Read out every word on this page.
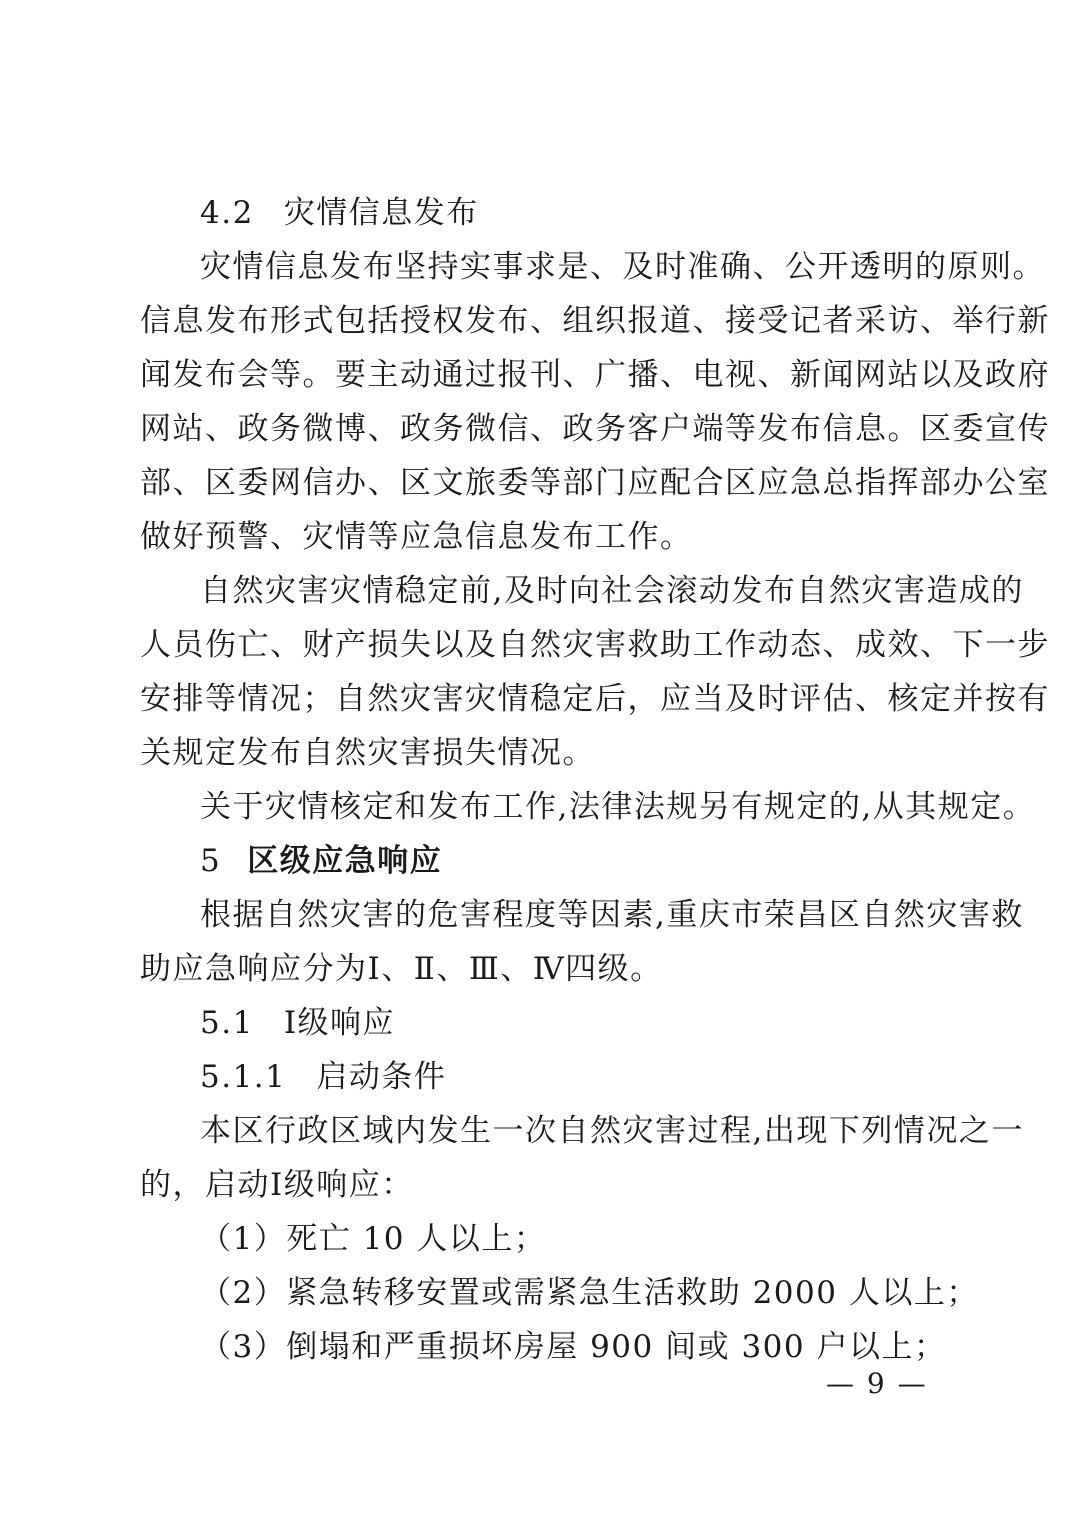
4.2 灾情信息发布
灾情信息发布坚持实事求是、及时准确、公开透明的原则。
信息发布形式包括授权发布、组织报道、接受记者采访、举行新
闻发布会等。要主动通过报刊、广播、电视、新闻网站以及政府
网站、政务微博、政务微信、政务客户端等发布信息。区委宣传
部、区委网信办、区文旅委等部门应配合区应急总指挥部办公室
做好预警、灾情等应急信息发布工作。
自然灾害灾情稳定前,及时向社会滚动发布自然灾害造成的
人员伤亡、财产损失以及自然灾害救助工作动态、成效、下一步
安排等情况；自然灾害灾情稳定后，应当及时评估、核定并按有
关规定发布自然灾害损失情况。
关于灾情核定和发布工作,法律法规另有规定的,从其规定。
5 区级应急响应
根据自然灾害的危害程度等因素,重庆市荣昌区自然灾害救
助应急响应分为Ⅰ、Ⅱ、Ⅲ、Ⅳ四级。
5.1 Ⅰ级响应
5.1.1 启动条件
本区行政区域内发生一次自然灾害过程,出现下列情况之一
的，启动Ⅰ级响应：
（1）死亡 10 人以上；
（2）紧急转移安置或需紧急生活救助 2000 人以上；
（3）倒塌和严重损坏房屋 900 间或 300 户以上；
— 9 —
